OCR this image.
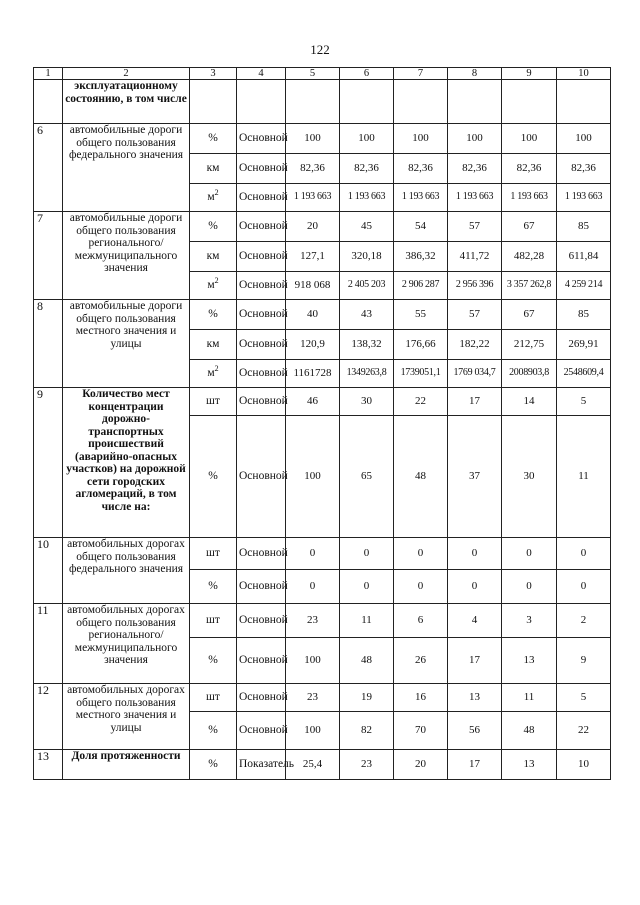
122
1	2	3	4	5	6	7	8	9	10
	эксплуатационному состоянию, в том числе								
6	автомобильные дороги общего пользования федерального значения	%	Основной	100	100	100	100	100	100
		км	Основной	82,36	82,36	82,36	82,36	82,36	82,36
		$м^2$	Основной	1 193 663	1 193 663	1 193 663	1 193 663	1 193 663	1 193 663
7	автомобильные дороги общего пользования регионального/ межмуниципального значения	%	Основной	20	45	54	57	67	85
		км	Основной	127,1	320,18	386,32	411,72	482,28	611,84
		$м^2$	Основной	918 068	2 405 203	2 906 287	2 956 396	3 357 262,8	4 259 214
8	автомобильные дороги общего пользования местного значения и улицы	%	Основной	40	43	55	57	67	85
		км	Основной	120,9	138,32	176,66	182,22	212,75	269,91
		$м^2$	Основной	1161728	1349263,8	1739051,1	1769 034,7	2008903,8	2548609,4
9	Количество мест концентрации дорожно-транспортных происшествий (аварийно-опасных участков) на дорожной сети городских агломераций, в том числе на:	шт	Основной	46	30	22	17	14	5
		%	Основной	100	65	48	37	30	11
10	автомобильных дорогах общего пользования федерального значения	шт	Основной	0	0	0	0	0	0
		%	Основной	0	0	0	0	0	0
11	автомобильных дорогах общего пользования регионального/ межмуниципального значения	шт	Основной	23	11	6	4	3	2
		%	Основной	100	48	26	17	13	9
12	автомобильных дорогах общего пользования местного значения и улицы	шт	Основной	23	19	16	13	11	5
		%	Основной	100	82	70	56	48	22
13	Доля протяженности	%	Показатель	25,4	23	20	17	13	10
